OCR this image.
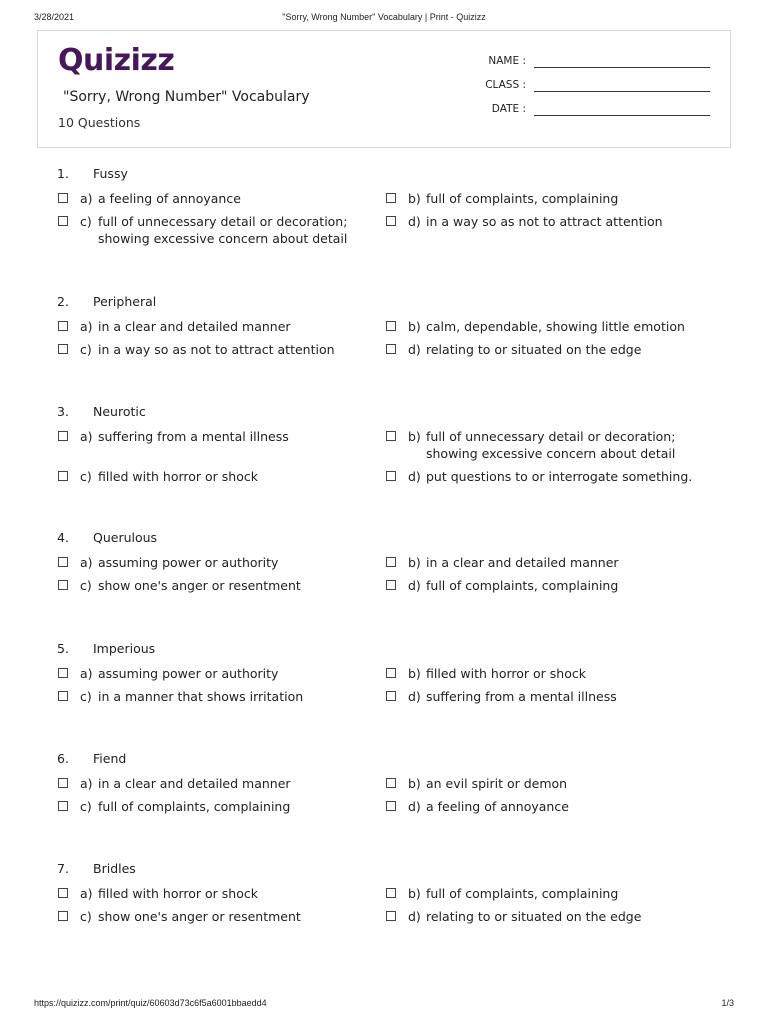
3/28/2021	"Sorry, Wrong Number" Vocabulary | Print - Quizizz
Quizizz
"Sorry, Wrong Number" Vocabulary
10 Questions
NAME :
CLASS :
DATE :
1. Fussy
a) a feeling of annoyance	b) full of complaints, complaining
c) full of unnecessary detail or decoration; showing excessive concern about detail
d) in a way so as not to attract attention
2. Peripheral
a) in a clear and detailed manner	b) calm, dependable, showing little emotion
c) in a way so as not to attract attention	d) relating to or situated on the edge
3. Neurotic
a) suffering from a mental illness	b) full of unnecessary detail or decoration; showing excessive concern about detail
c) filled with horror or shock	d) put questions to or interrogate something.
4. Querulous
a) assuming power or authority	b) in a clear and detailed manner
c) show one's anger or resentment	d) full of complaints, complaining
5. Imperious
a) assuming power or authority	b) filled with horror or shock
c) in a manner that shows irritation	d) suffering from a mental illness
6. Fiend
a) in a clear and detailed manner	b) an evil spirit or demon
c) full of complaints, complaining	d) a feeling of annoyance
7. Bridles
a) filled with horror or shock	b) full of complaints, complaining
c) show one's anger or resentment	d) relating to or situated on the edge
https://quizizz.com/print/quiz/60603d73c6f5a6001bbaedd4	1/3
